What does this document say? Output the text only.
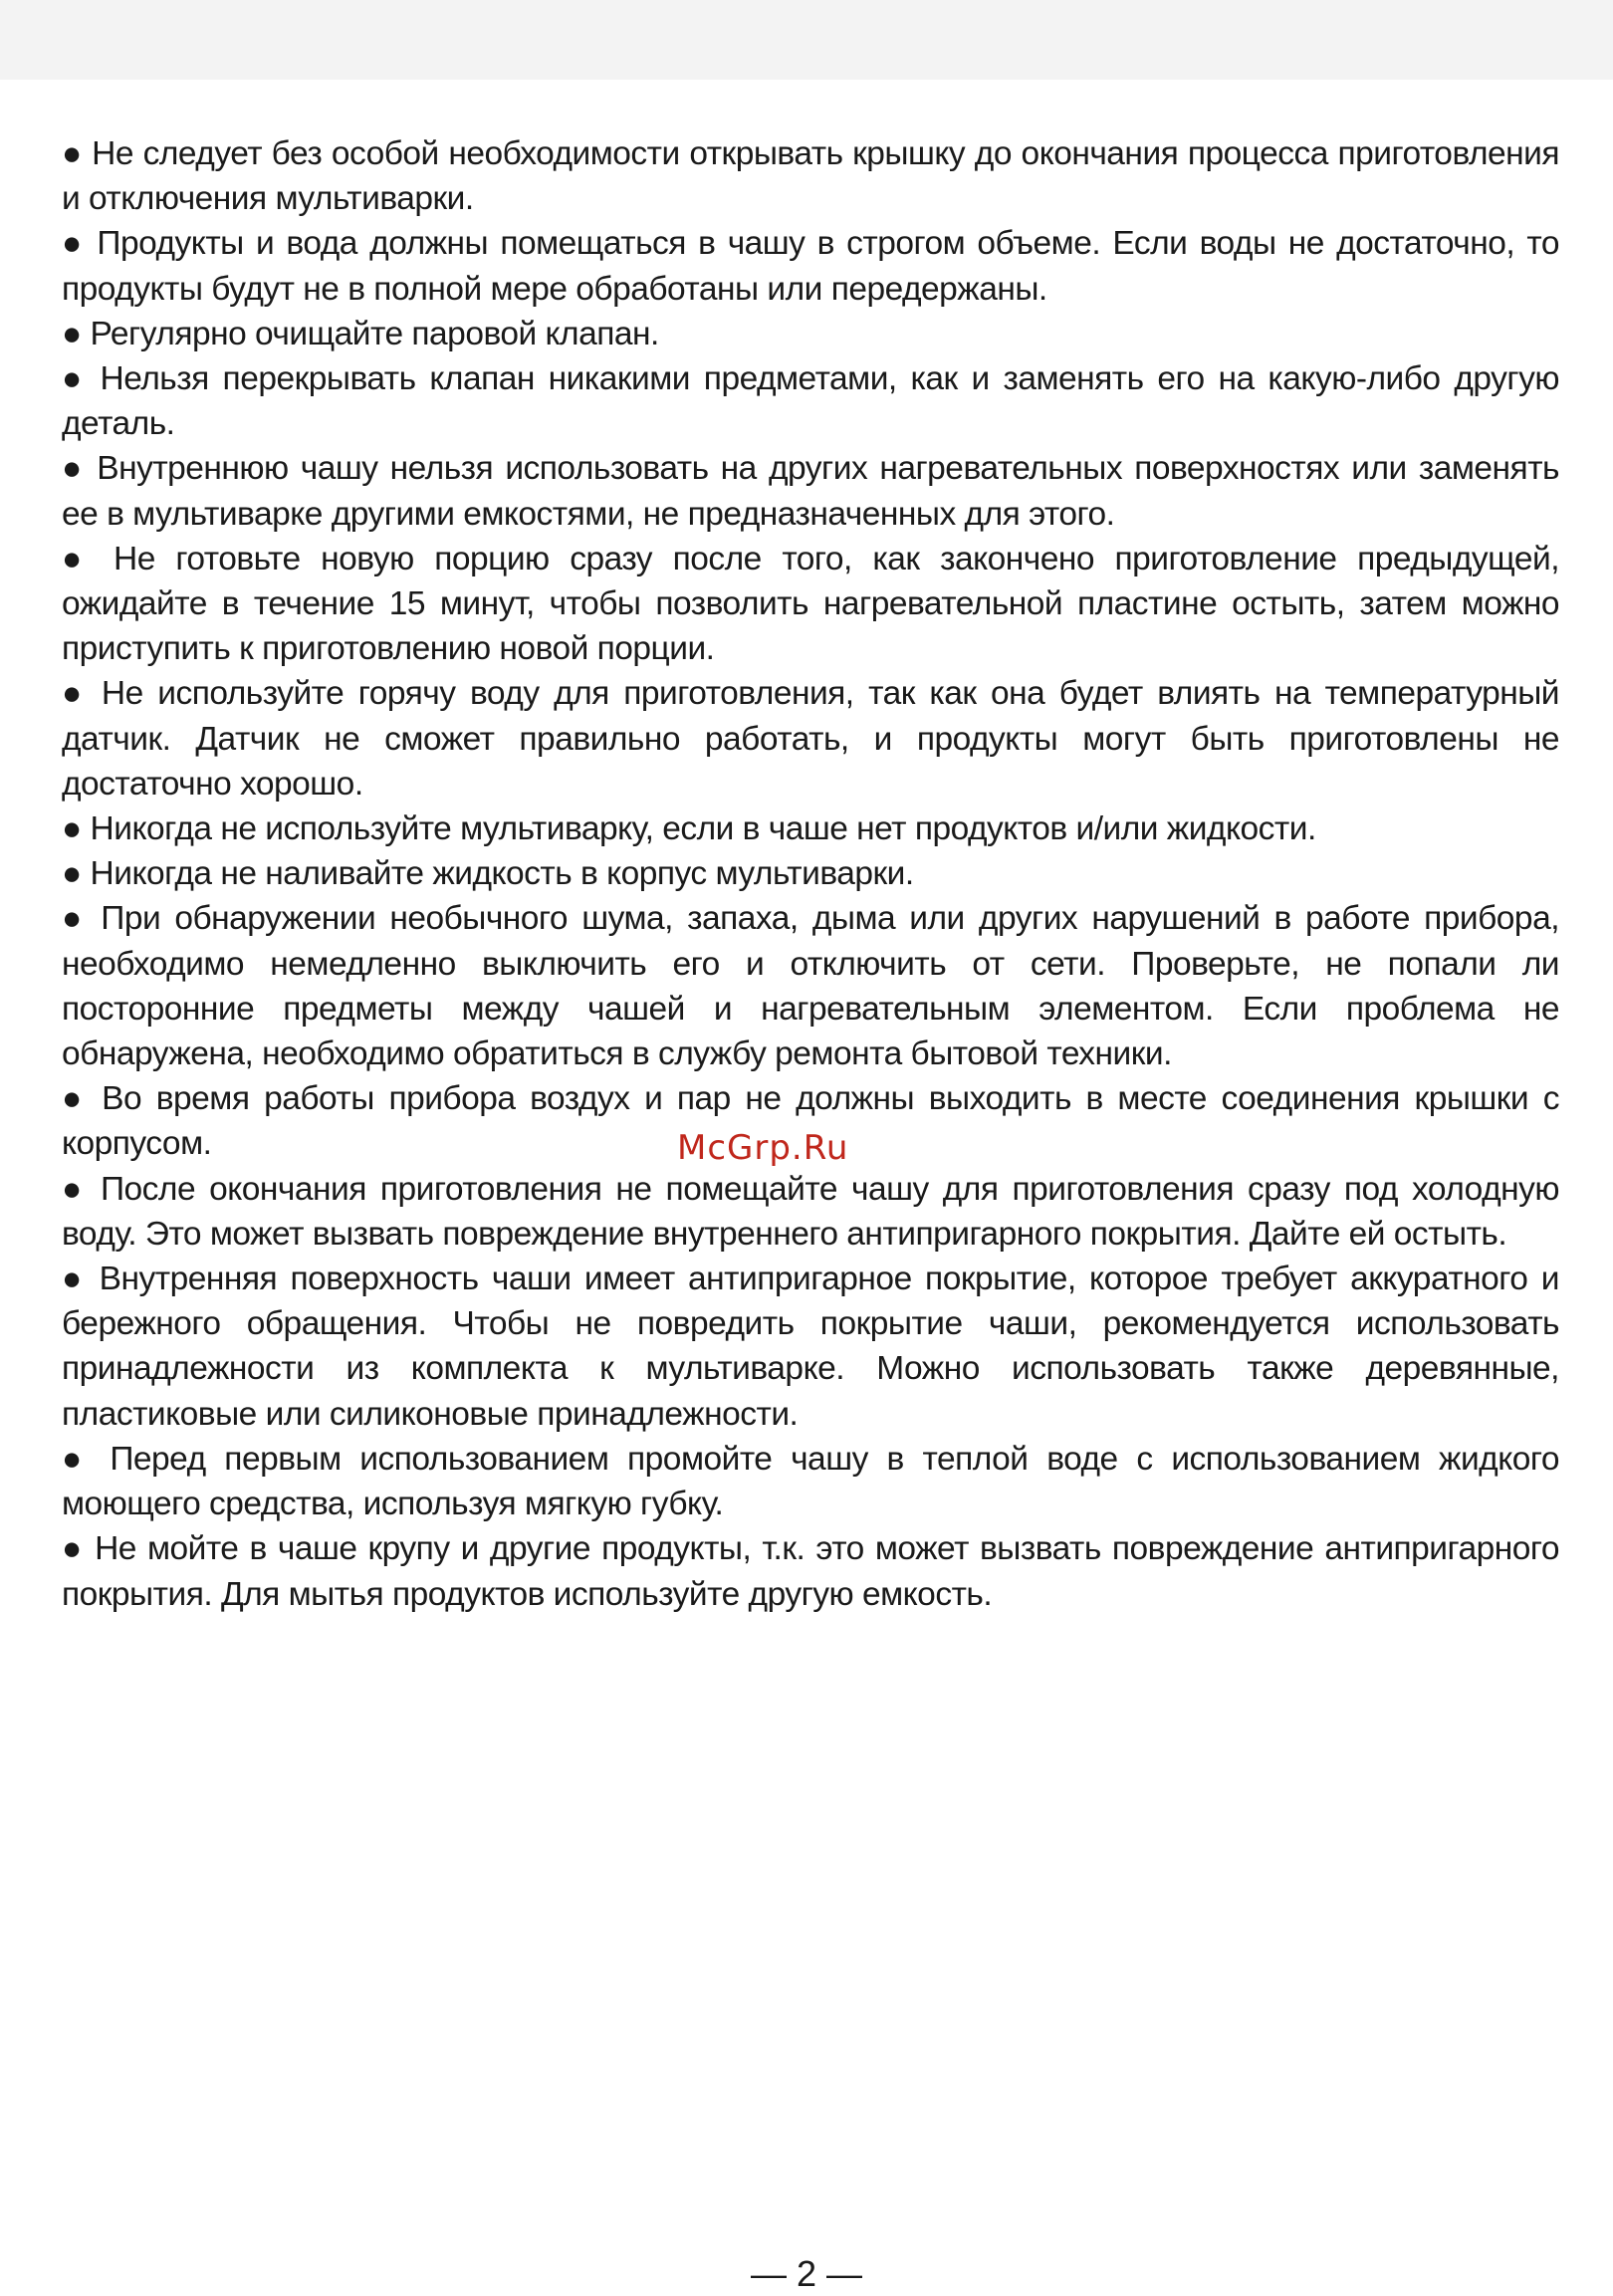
● Не следует без особой необходимости открывать крышку до окончания процесса приготовления и отключения мультиварки.
● Продукты и вода должны помещаться в чашу в строгом объеме. Если воды не достаточно, то продукты будут не в полной мере обработаны или передержаны.
● Регулярно очищайте паровой клапан.
● Нельзя перекрывать клапан никакими предметами, как и заменять его на какую-либо другую деталь.
● Внутреннюю чашу нельзя использовать на других нагревательных поверхностях или заменять ее в мультиварке другими емкостями, не предназначенных для этого.
● Не готовьте новую порцию сразу после того, как закончено приготовление предыдущей, ожидайте в течение 15 минут, чтобы позволить нагревательной пластине остыть, затем можно приступить к приготовлению новой порции.
● Не используйте горячу воду для приготовления, так как она будет влиять на температурный датчик. Датчик не сможет правильно работать, и продукты могут быть приготовлены не достаточно хорошо.
● Никогда не используйте мультиварку, если в чаше нет продуктов и/или жидкости.
● Никогда не наливайте жидкость в корпус мультиварки.
● При обнаружении необычного шума, запаха, дыма или других нарушений в работе прибора, необходимо немедленно выключить его и отключить от сети. Проверьте, не попали ли посторонние предметы между чашей и нагревательным элементом. Если проблема не обнаружена, необходимо обратиться в службу ремонта бытовой техники.
● Во время работы прибора воздух и пар не должны выходить в месте соединения крышки с корпусом.
● После окончания приготовления не помещайте чашу для приготовления сразу под холодную воду. Это может вызвать повреждение внутреннего антипригарного покрытия. Дайте ей остыть.
● Внутренняя поверхность чаши имеет антипригарное покрытие, которое требует аккуратного и бережного обращения. Чтобы не повредить покрытие чаши, рекомендуется использовать принадлежности из комплекта к мультиварке. Можно использовать также деревянные, пластиковые или силиконовые принадлежности.
● Перед первым использованием промойте чашу в теплой воде с использованием жидкого моющего средства, используя мягкую губку.
● Не мойте в чаше крупу и другие продукты, т.к. это может вызвать повреждение антипригарного покрытия. Для мытья продуктов используйте другую емкость.
McGrp.Ru
— 2 —
